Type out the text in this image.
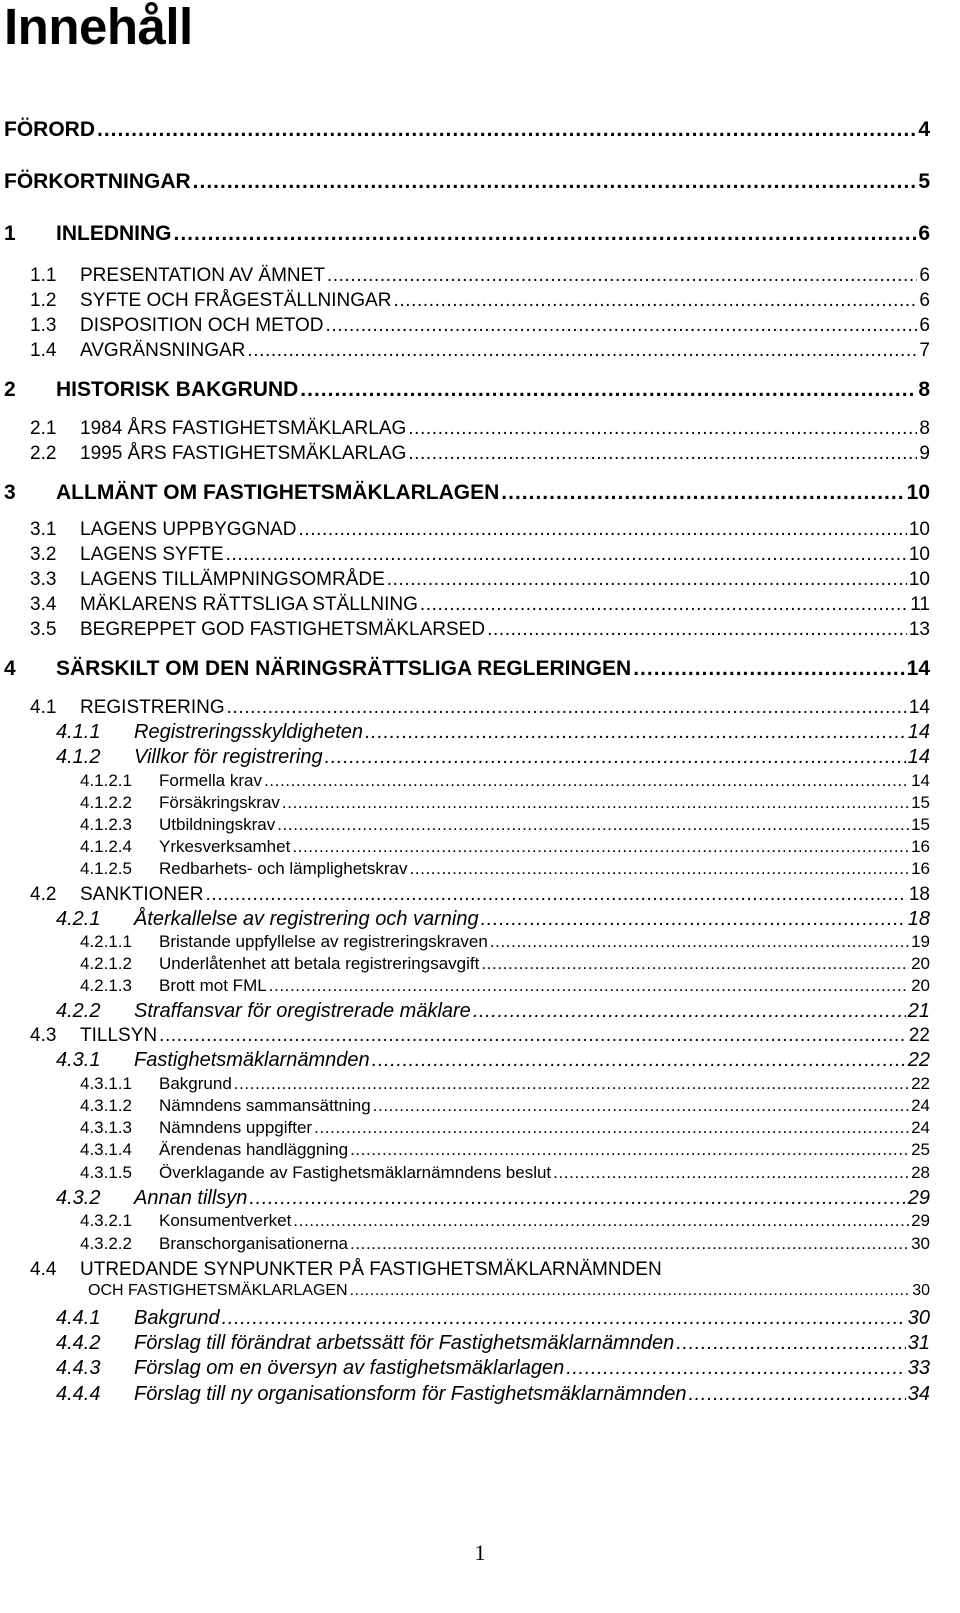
Innehåll
FÖRORD .....	4
FÖRKORTNINGAR .....	5
1	INLEDNING .....	6
1.1	PRESENTATION AV ÄMNET .....	6
1.2	SYFTE OCH FRÅGESTÄLLNINGAR .....	6
1.3	DISPOSITION OCH METOD .....	6
1.4	AVGRÄNSNINGAR .....	7
2	HISTORISK BAKGRUND .....	8
2.1	1984 ÅRS FASTIGHETSMÄKLARLAG .....	8
2.2	1995 ÅRS FASTIGHETSMÄKLARLAG .....	9
3	ALLMÄNT OM FASTIGHETSMÄKLARLAGEN .....	10
3.1	LAGENS UPPBYGGNAD .....	10
3.2	LAGENS SYFTE .....	10
3.3	LAGENS TILLÄMPNINGSOMRÅDE .....	10
3.4	MÄKLARENS RÄTTSLIGA STÄLLNING .....	11
3.5	BEGREPPET GOD FASTIGHETSMÄKLARSED .....	13
4	SÄRSKILT OM DEN NÄRINGSRÄTTSLIGA REGLERINGEN .....	14
4.1	REGISTRERING .....	14
4.1.1	Registreringsskyldigheten .....	14
4.1.2	Villkor för registrering .....	14
4.1.2.1	Formella krav .....	14
4.1.2.2	Försäkringskrav .....	15
4.1.2.3	Utbildningskrav .....	15
4.1.2.4	Yrkesverksamhet .....	16
4.1.2.5	Redbarhets- och lämplighetskrav .....	16
4.2	SANKTIONER .....	18
4.2.1	Återkallelse av registrering och varning .....	18
4.2.1.1	Bristande uppfyllelse av registreringskraven .....	19
4.2.1.2	Underlåtenhet att betala registreringsavgift .....	20
4.2.1.3	Brott mot FML .....	20
4.2.2	Straffansvar för oregistrerade mäklare .....	21
4.3	TILLSYN .....	22
4.3.1	Fastighetsmäklarnämnden .....	22
4.3.1.1	Bakgrund .....	22
4.3.1.2	Nämndens sammansättning .....	24
4.3.1.3	Nämndens uppgifter .....	24
4.3.1.4	Ärendenas handläggning .....	25
4.3.1.5	Överklagande av Fastighetsmäklarnämndens beslut .....	28
4.3.2	Annan tillsyn .....	29
4.3.2.1	Konsumentverket .....	29
4.3.2.2	Branschorganisationerna .....	30
4.4	UTREDANDE SYNPUNKTER PÅ FASTIGHETSMÄKLARNÄMNDEN
OCH FASTIGHETSMÄKLARLAGEN .....	30
4.4.1	Bakgrund .....	30
4.4.2	Förslag till förändrat arbetssätt för Fastighetsmäklarnämnden .....	31
4.4.3	Förslag om en översyn av fastighetsmäklarlagen .....	33
4.4.4	Förslag till ny organisationsform för Fastighetsmäklarnämnden .....	34
1
